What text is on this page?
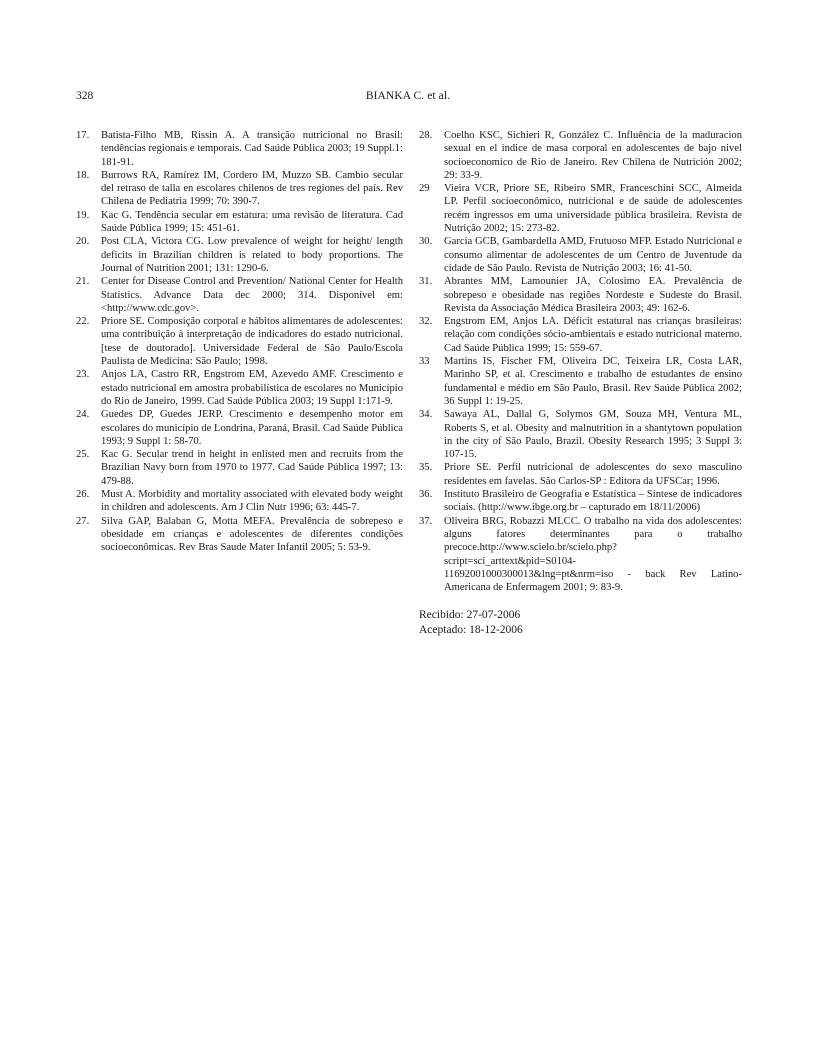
328	BIANKA C. et al.
17.	Batista-Filho MB, Rissin A. A transição nutricional no Brasil: tendências regionais e temporais. Cad Saúde Pública 2003; 19 Suppl.1: 181-91.
18.	Burrows RA, Ramírez IM, Cordero IM, Muzzo SB. Cambio secular del retraso de talla en escolares chilenos de tres regiones del país. Rev Chilena de Pediatria 1999; 70: 390-7.
19.	Kac G. Tendência secular em estatura: uma revisão de literatura. Cad Saúde Pública 1999; 15: 451-61.
20.	Post CLA, Victora CG. Low prevalence of weight for height/ length deficits in Brazilian children is related to body proportions. The Journal of Nutrition 2001; 131: 1290-6.
21.	Center for Disease Control and Prevention/ National Center for Health Statistics. Advance Data dec 2000; 314. Disponível em: <http://www.cdc.gov>.
22.	Priore SE. Composição corporal e hábitos alimentares de adolescentes: uma contribuição à interpretação de indicadores do estado nutricional. [tese de doutorado]. Universidade Federal de São Paulo/Escola Paulista de Medicina: São Paulo; 1998.
23.	Anjos LA, Castro RR, Engstrom EM, Azevedo AMF. Crescimento e estado nutricional em amostra probabilística de escolares no Município do Rio de Janeiro, 1999. Cad Saúde Pública 2003; 19 Suppl 1:171-9.
24.	Guedes DP, Guedes JERP. Crescimento e desempenho motor em escolares do município de Londrina, Paraná, Brasil. Cad Saúde Pública 1993; 9 Suppl 1: 58-70.
25.	Kac G. Secular trend in height in enlisted men and recruits from the Brazilian Navy born from 1970 to 1977. Cad Saúde Pública 1997; 13: 479-88.
26.	Must A. Morbidity and mortality associated with elevated body weight in children and adolescents. Am J Clin Nutr 1996; 63: 445-7.
27.	Silva GAP, Balaban G, Motta MEFA. Prevalência de sobrepeso e obesidade em crianças e adolescentes de diferentes condições socioeconômicas. Rev Bras Saude Mater Infantil 2005; 5: 53-9.
28.	Coelho KSC, Sichieri R, González C. Influência de la maduracion sexual en el indice de masa corporal en adolescentes de bajo nivel socioeconomico de Rio de Janeiro. Rev Chilena de Nutrición 2002; 29: 33-9.
29	Vieira VCR, Priore SE, Ribeiro SMR, Franceschini SCC, Almeida LP. Perfil socioeconômico, nutricional e de saúde de adolescentes recém ingressos em uma universidade pública brasileira. Revista de Nutrição 2002; 15: 273-82.
30.	Garcia GCB, Gambardella AMD, Frutuoso MFP. Estado Nutricional e consumo alimentar de adolescentes de um Centro de Juventude da cidade de São Paulo. Revista de Nutrição 2003; 16: 41-50.
31.	Abrantes MM, Lamounier JA, Colosimo EA. Prevalência de sobrepeso e obesidade nas regiões Nordeste e Sudeste do Brasil. Revista da Associação Médica Brasileira 2003; 49: 162-6.
32.	Engstrom EM, Anjos LA. Déficit estatural nas crianças brasileiras: relação com condições sócio-ambientais e estado nutricional materno. Cad Saúde Pública 1999; 15: 559-67.
33	Martins IS, Fischer FM, Oliveira DC, Teixeira LR, Costa LAR, Marinho SP, et al. Crescimento e trabalho de estudantes de ensino fundamental e médio em São Paulo, Brasil. Rev Saúde Pública 2002; 36 Suppl 1: 19-25.
34.	Sawaya AL, Dallal G, Solymos GM, Souza MH, Ventura ML, Roberts S, et al. Obesity and malnutrition in a shantytown population in the city of São Paulo, Brazil. Obesity Research 1995; 3 Suppl 3: 107-15.
35.	Priore SE. Perfil nutricional de adolescentes do sexo masculino residentes em favelas. São Carlos-SP : Editora da UFSCar; 1996.
36.	Instituto Brasileiro de Geografia e Estatística – Síntese de indicadores sociais. (http://www.ibge.org.br – capturado em 18/11/2006)
37.	Oliveira BRG, Robazzi MLCC. O trabalho na vida dos adolescentes: alguns fatores determinantes para o trabalho precoce.http://www.scielo.br/scielo.php?script=sci_arttext&pid=S0104-11692001000300013&lng=pt&nrm=iso - back Rev Latino-Americana de Enfermagem 2001; 9: 83-9.
Recibido: 27-07-2006
Aceptado: 18-12-2006
